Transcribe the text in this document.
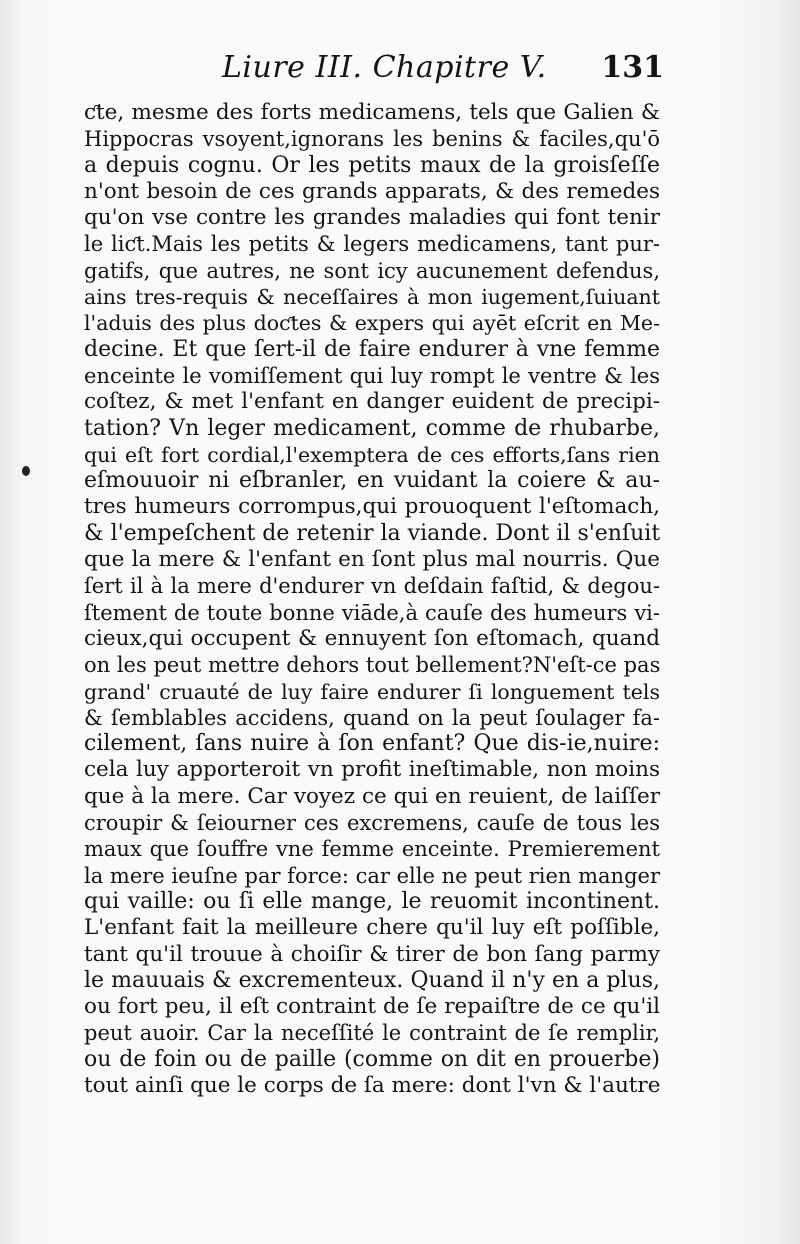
Liure III. Chapitre V. 131
ƈte, mesme des forts medicamens, tels que Galien &
Hippocras vsoyent,ignorans les benins & faciles,qu'ō
a depuis cognu. Or les petits maux de la groisſeſſe
n'ont besoin de ces grands apparats, & des remedes
qu'on vse contre les grandes maladies qui font tenir
le liƈt.Mais les petits & legers medicamens, tant pur-
gatifs, que autres, ne sont icy aucunement defendus,
ains tres-requis & neceſſaires à mon iugement,ſuiuant
l'aduis des plus doƈtes & expers qui ayēt eſcrit en Me-
decine. Et que ſert-il de faire endurer à vne femme
enceinte le vomiſſement qui luy rompt le ventre & les
coſtez, & met l'enfant en danger euident de precipi-
tation? Vn leger medicament, comme de rhubarbe,
qui eſt fort cordial,l'exemptera de ces efforts,ſans rien
eſmouuoir ni eſbranler, en vuidant la coiere & au-
tres humeurs corrompus,qui prouoquent l'eſtomach,
& l'empeſchent de retenir la viande. Dont il s'enſuit
que la mere & l'enfant en ſont plus mal nourris. Que
ſert il à la mere d'endurer vn deſdain faſtid, & degou-
ſtement de toute bonne viāde,à cauſe des humeurs vi-
cieux,qui occupent & ennuyent ſon eſtomach, quand
on les peut mettre dehors tout bellement?N'eſt-ce pas
grand' cruauté de luy faire endurer ſi longuement tels
& ſemblables accidens, quand on la peut ſoulager fa-
cilement, ſans nuire à ſon enfant? Que dis-ie,nuire:
cela luy apporteroit vn profit ineſtimable, non moins
que à la mere. Car voyez ce qui en reuient, de laiſſer
croupir & ſeiourner ces excremens, cauſe de tous les
maux que ſouffre vne femme enceinte. Premierement
la mere ieuſne par force: car elle ne peut rien manger
qui vaille: ou ſi elle mange, le reuomit incontinent.
L'enfant fait la meilleure chere qu'il luy eſt poſſible,
tant qu'il trouue à choiſir & tirer de bon ſang parmy
le mauuais & excrementeux. Quand il n'y en a plus,
ou fort peu, il eſt contraint de ſe repaiſtre de ce qu'il
peut auoir. Car la neceſſité le contraint de ſe remplir,
ou de foin ou de paille (comme on dit en prouerbe)
tout ainſi que le corps de ſa mere: dont l'vn & l'autre
